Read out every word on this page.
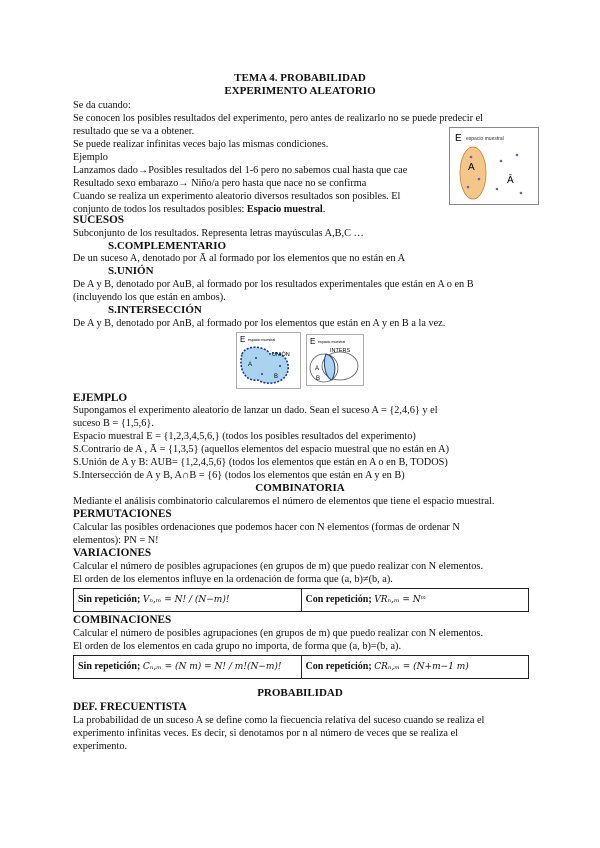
TEMA 4. PROBABILIDAD
EXPERIMENTO ALEATORIO
Se da cuando:
Se conocen los posibles resultados del experimento, pero antes de realizarlo no se puede predecir el
resultado que se va a obtener.
Se puede realizar infinitas veces bajo las mismas condiciones.
Ejemplo
Lanzamos dado→Posibles resultados del 1-6 pero no sabemos cual hasta que cae
Resultado sexo embarazo→ Niño/a pero hasta que nace no se confirma
Cuando se realiza un experimento aleatorio diversos resultados son posibles. El
conjunto de todos los resultados posibles: Espacio muestral.
E espacio muestral
A
Ā
SUCESOS
Subconjunto de los resultados. Representa letras mayúsculas A,B,C …
S.COMPLEMENTARIO
De un suceso A, denotado por Ā al formado por los elementos que no están en A
S.UNIÓN
De A y B, denotado por AuB, al formado por los resultados experimentales que están en A o en B
(incluyendo los que están en ambos).
S.INTERSECCIÓN
De A y B, denotado por AnB, al formado por los elementos que están en A y en B a la vez.
E espacio muestral
UNIÓN
A
B
E espacio muestral
INTERS
A
B
EJEMPLO
Supongamos el experimento aleatorio de lanzar un dado. Sean el suceso A = {2,4,6} y el
suceso B = {1,5,6}.
Espacio muestral E = {1,2,3,4,5,6,} (todos los posibles resultados del experimento)
S.Contrario de A , Ā = {1,3,5} (aquellos elementos del espacio muestral que no están en A)
S.Unión de A y B: AUB= {1,2,4,5,6} (todos los elementos que están en A o en B, TODOS)
S.Intersección de A y B, A∩B = {6} (todos los elementos que están en A y en B)
COMBINATORIA
Mediante el análisis combinatorio calcularemos el número de elementos que tiene el espacio muestral.
PERMUTACIONES
Calcular las posibles ordenaciones que podemos hacer con N elementos (formas de ordenar N
elementos): PN = N!
VARIACIONES
Calcular el número de posibles agrupaciones (en grupos de m) que puedo realizar con N elementos.
El orden de los elementos influye en la ordenación de forma que (a, b)≠(b, a).
Sin repetición; Vₙ,ₘ = N! / (N−m)!	Con repetición; VRₙ,ₘ = Nᵐ
COMBINACIONES
Calcular el número de posibles agrupaciones (en grupos de m) que puedo realizar con N elementos.
El orden de los elementos en cada grupo no importa, de forma que (a, b)=(b, a).
Sin repetición; Cₙ,ₘ = (N m) = N! / m!(N−m)!	Con repetición; CRₙ,ₘ = (N+m−1 m)
PROBABILIDAD
DEF. FRECUENTISTA
La probabilidad de un suceso A se define como la fiecuencia relativa del suceso cuando se realiza el
experimento infinitas veces. Es decir, si denotamos por n al número de veces que se realiza el
experimento.
